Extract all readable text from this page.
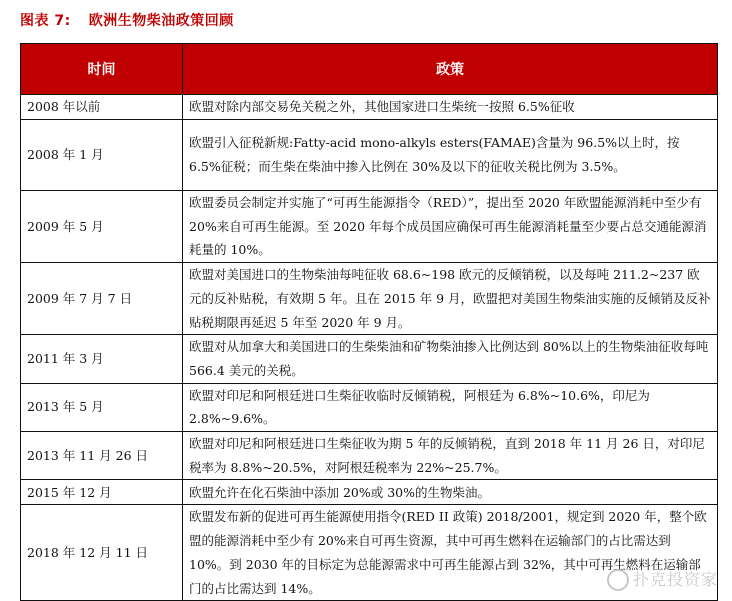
图表 7: 欧洲生物柴油政策回顾
时间	政策
2008 年以前	欧盟对除内部交易免关税之外，其他国家进口生柴统一按照 6.5%征收
2008 年 1 月	欧盟引入征税新规:Fatty-acid mono-alkyls esters(FAMAE)含量为 96.5%以上时，按 6.5%征税；而生柴在柴油中掺入比例在 30%及以下的征收关税比例为 3.5%。
2009 年 5 月	欧盟委员会制定并实施了“可再生能源指令（RED）”，提出至 2020 年欧盟能源消耗中至少有 20%来自可再生能源。至 2020 年每个成员国应确保可再生能源消耗量至少要占总交通能源消耗量的 10%。
2009 年 7 月 7 日	欧盟对美国进口的生物柴油每吨征收 68.6~198 欧元的反倾销税，以及每吨 211.2~237 欧元的反补贴税，有效期 5 年。且在 2015 年 9 月，欧盟把对美国生物柴油实施的反倾销及反补贴税期限再延迟 5 年至 2020 年 9 月。
2011 年 3 月	欧盟对从加拿大和美国进口的生柴柴油和矿物柴油掺入比例达到 80%以上的生物柴油征收每吨 566.4 美元的关税。
2013 年 5 月	欧盟对印尼和阿根廷进口生柴征收临时反倾销税，阿根廷为 6.8%~10.6%，印尼为 2.8%~9.6%。
2013 年 11 月 26 日	欧盟对印尼和阿根廷进口生柴征收为期 5 年的反倾销税，直到 2018 年 11 月 26 日，对印尼税率为 8.8%~20.5%，对阿根廷税率为 22%~25.7%。
2015 年 12 月	欧盟允许在化石柴油中添加 20%或 30%的生物柴油。
2018 年 12 月 11 日	欧盟发布新的促进可再生能源使用指令(RED II 政策) 2018/2001，规定到 2020 年，整个欧盟的能源消耗中至少有 20%来自可再生资源，其中可再生燃料在运输部门的占比需达到 10%。到 2030 年的目标定为总能源需求中可再生能源占到 32%，其中可再生燃料在运输部门的占比需达到 14%。	扑克投资家
